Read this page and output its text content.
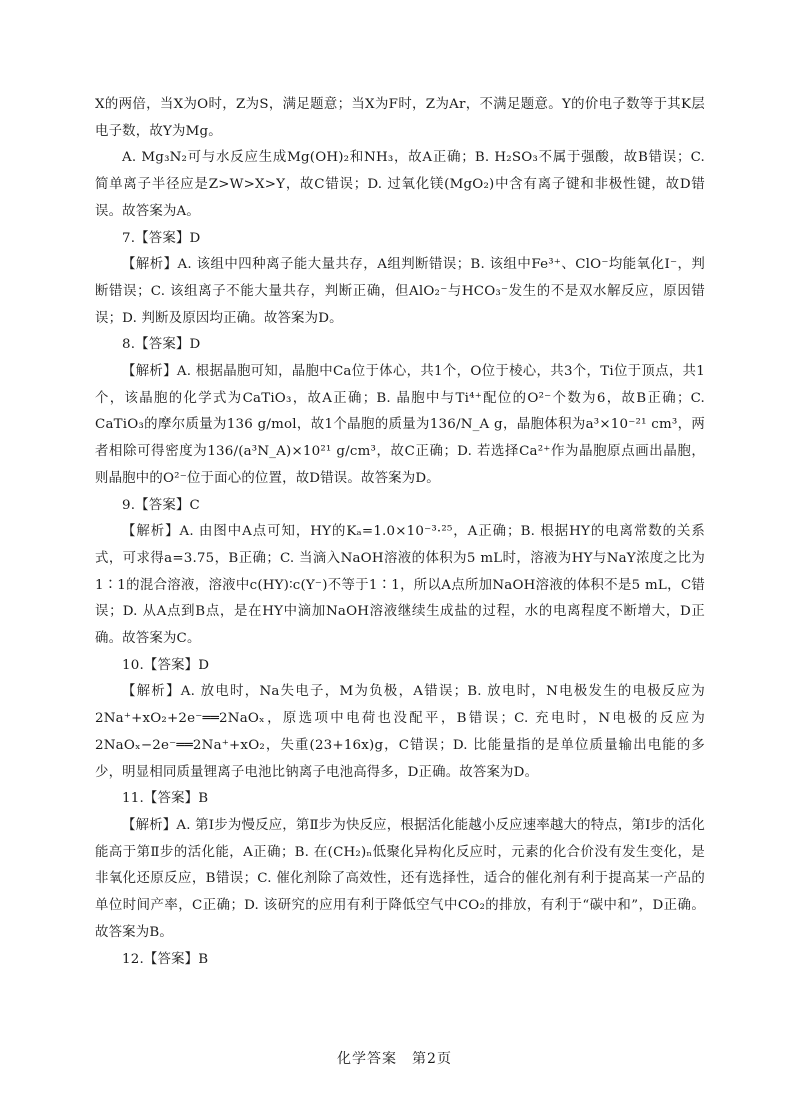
X的两倍，当X为O时，Z为S，满足题意；当X为F时，Z为Ar，不满足题意。Y的价电子数等于其K层电子数，故Y为Mg。

A. Mg₃N₂可与水反应生成Mg(OH)₂和NH₃，故A正确；B. H₂SO₃不属于强酸，故B错误；C. 简单离子半径应是Z>W>X>Y，故C错误；D. 过氧化镁(MgO₂)中含有离子键和非极性键，故D错误。故答案为A。

7.【答案】D

【解析】A. 该组中四种离子能大量共存，A组判断错误；B. 该组中Fe³⁺、ClO⁻均能氧化I⁻，判断错误；C. 该组离子不能大量共存，判断正确，但AlO₂⁻与HCO₃⁻发生的不是双水解反应，原因错误；D. 判断及原因均正确。故答案为D。

8.【答案】D

【解析】A. 根据晶胞可知，晶胞中Ca位于体心，共1个，O位于棱心，共3个，Ti位于顶点，共1个，该晶胞的化学式为CaTiO₃，故A正确；B. 晶胞中与Ti⁴⁺配位的O²⁻个数为6，故B正确；C. CaTiO₃的摩尔质量为136 g/mol，故1个晶胞的质量为136/N_A g，晶胞体积为a³×10⁻²¹ cm³，两者相除可得密度为136/(a³N_A)×10²¹ g/cm³，故C正确；D. 若选择Ca²⁺作为晶胞原点画出晶胞，则晶胞中的O²⁻位于面心的位置，故D错误。故答案为D。

9.【答案】C

【解析】A. 由图中A点可知，HY的Kₐ=1.0×10⁻³·²⁵，A正确；B. 根据HY的电离常数的关系式，可求得a=3.75，B正确；C. 当滴入NaOH溶液的体积为5 mL时，溶液为HY与NaY浓度之比为1∶1的混合溶液，溶液中c(HY)∶c(Y⁻)不等于1∶1，所以A点所加NaOH溶液的体积不是5 mL，C错误；D. 从A点到B点，是在HY中滴加NaOH溶液继续生成盐的过程，水的电离程度不断增大，D正确。故答案为C。

10.【答案】D

【解析】A. 放电时，Na失电子，M为负极，A错误；B. 放电时，N电极发生的电极反应为2Na⁺+xO₂+2e⁻══2NaOₓ，原选项中电荷也没配平，B错误；C. 充电时，N电极的反应为2NaOₓ−2e⁻══2Na⁺+xO₂，失重(23+16x)g，C错误；D. 比能量指的是单位质量输出电能的多少，明显相同质量锂离子电池比钠离子电池高得多，D正确。故答案为D。

11.【答案】B

【解析】A. 第Ⅰ步为慢反应，第Ⅱ步为快反应，根据活化能越小反应速率越大的特点，第Ⅰ步的活化能高于第Ⅱ步的活化能，A正确；B. 在(CH₂)ₙ低聚化异构化反应时，元素的化合价没有发生变化，是非氧化还原反应，B错误；C. 催化剂除了高效性，还有选择性，适合的催化剂有利于提高某一产品的单位时间产率，C正确；D. 该研究的应用有利于降低空气中CO₂的排放，有利于“碳中和”，D正确。故答案为B。

12.【答案】B

化学答案　第2页
